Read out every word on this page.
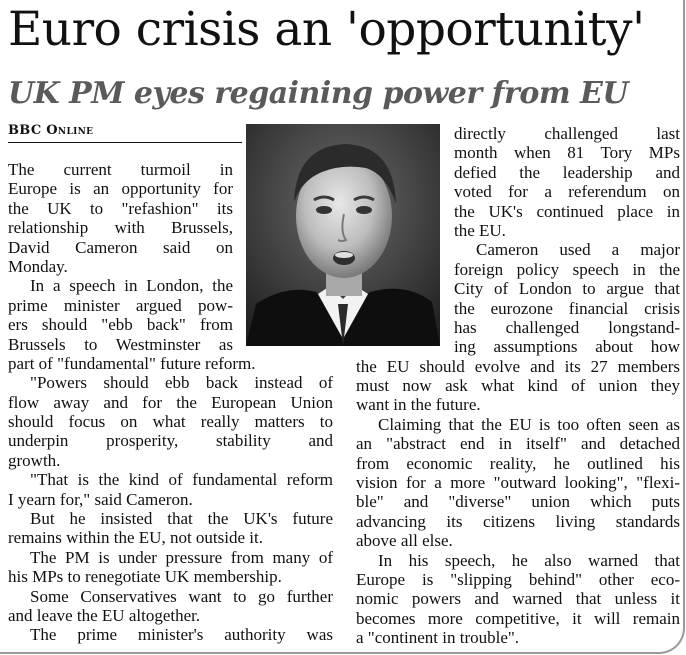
Euro crisis an 'opportunity'
UK PM eyes regaining power from EU
BBC Online
The current turmoil in
Europe is an opportunity for
the UK to "refashion" its
relationship with Brussels,
David Cameron said on
Monday.
In a speech in London, the
prime minister argued pow-
ers should "ebb back" from
Brussels to Westminster as
part of "fundamental" future reform.
"Powers should ebb back instead of
flow away and for the European Union
should focus on what really matters to
underpin prosperity, stability and
growth.
"That is the kind of fundamental reform
I yearn for," said Cameron.
But he insisted that the UK's future
remains within the EU, not outside it.
The PM is under pressure from many of
his MPs to renegotiate UK membership.
Some Conservatives want to go further
and leave the EU altogether.
The prime minister's authority was
directly challenged last
month when 81 Tory MPs
defied the leadership and
voted for a referendum on
the UK's continued place in
the EU.
Cameron used a major
foreign policy speech in the
City of London to argue that
the eurozone financial crisis
has challenged longstand-
ing assumptions about how
the EU should evolve and its 27 members
must now ask what kind of union they
want in the future.
Claiming that the EU is too often seen as
an "abstract end in itself" and detached
from economic reality, he outlined his
vision for a more "outward looking", "flexi-
ble" and "diverse" union which puts
advancing its citizens living standards
above all else.
In his speech, he also warned that
Europe is "slipping behind" other eco-
nomic powers and warned that unless it
becomes more competitive, it will remain
a "continent in trouble".
